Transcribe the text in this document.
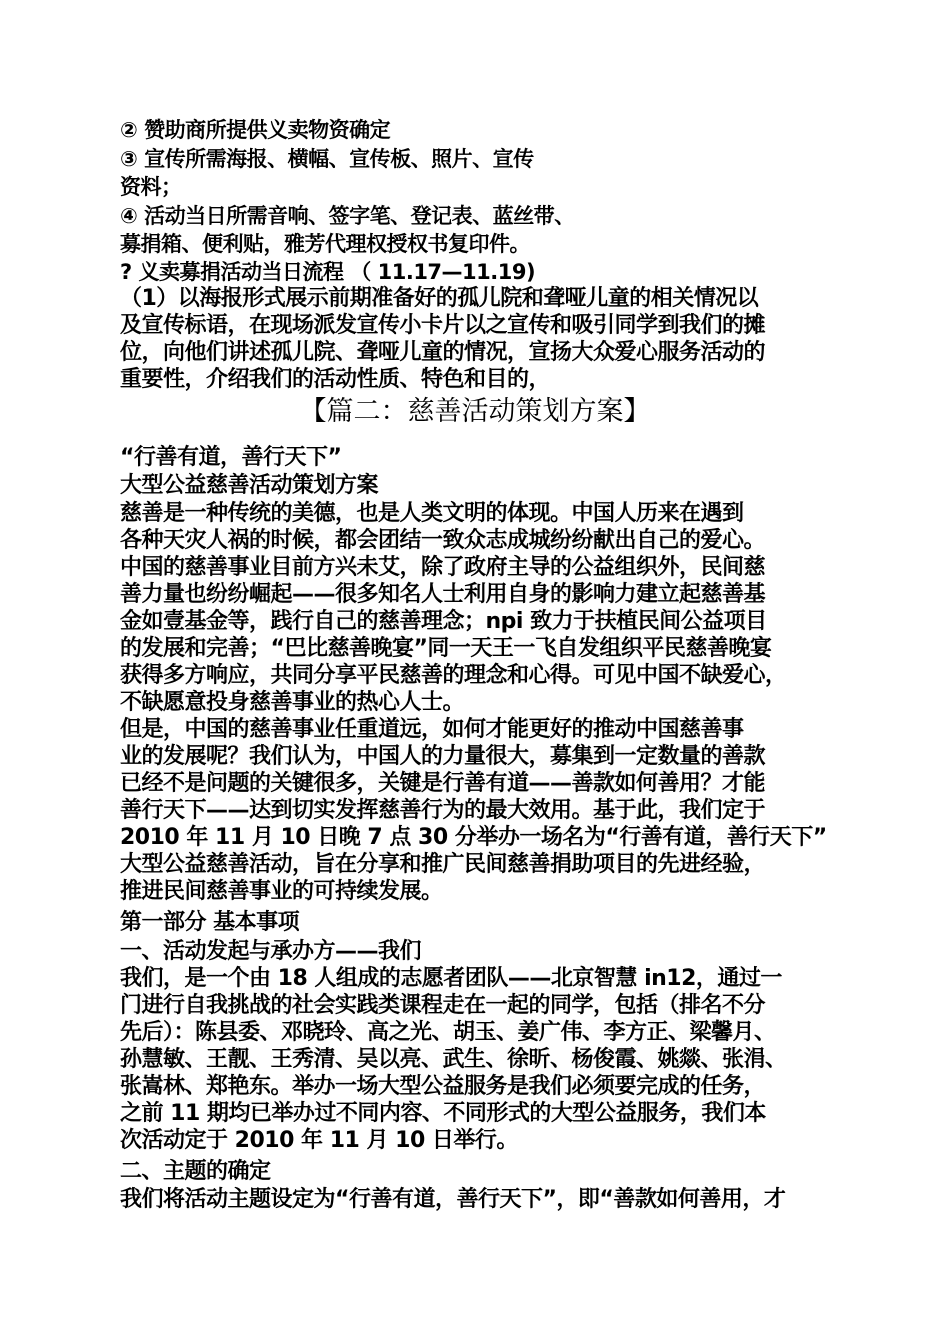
② 赞助商所提供义卖物资确定
③ 宣传所需海报、横幅、宣传板、照片、宣传
资料；
④ 活动当日所需音响、签字笔、登记表、蓝丝带、
募捐箱、便利贴，雅芳代理权授权书复印件。
? 义卖募捐活动当日流程 （ 11.17—11.19)
（1）以海报形式展示前期准备好的孤儿院和聋哑儿童的相关情况以
及宣传标语，在现场派发宣传小卡片以之宣传和吸引同学到我们的摊
位，向他们讲述孤儿院、聋哑儿童的情况，宣扬大众爱心服务活动的
重要性，介绍我们的活动性质、特色和目的，
【篇二：慈善活动策划方案】
“行善有道，善行天下”
大型公益慈善活动策划方案
慈善是一种传统的美德，也是人类文明的体现。中国人历来在遇到
各种天灾人祸的时候，都会团结一致众志成城纷纷献出自己的爱心。
中国的慈善事业目前方兴未艾，除了政府主导的公益组织外，民间慈
善力量也纷纷崛起——很多知名人士利用自身的影响力建立起慈善基
金如壹基金等，践行自己的慈善理念；npi 致力于扶植民间公益项目
的发展和完善；“巴比慈善晚宴”同一天王一飞自发组织平民慈善晚宴
获得多方响应，共同分享平民慈善的理念和心得。可见中国不缺爱心，
不缺愿意投身慈善事业的热心人士。
但是，中国的慈善事业任重道远，如何才能更好的推动中国慈善事
业的发展呢？我们认为，中国人的力量很大，募集到一定数量的善款
已经不是问题的关键很多，关键是行善有道——善款如何善用？才能
善行天下——达到切实发挥慈善行为的最大效用。基于此，我们定于
2010 年 11 月 10 日晚 7 点 30 分举办一场名为“行善有道，善行天下”
大型公益慈善活动，旨在分享和推广民间慈善捐助项目的先进经验，
推进民间慈善事业的可持续发展。
第一部分 基本事项
一、活动发起与承办方——我们
我们，是一个由 18 人组成的志愿者团队——北京智慧 in12，通过一
门进行自我挑战的社会实践类课程走在一起的同学，包括（排名不分
先后）：陈县委、邓晓玲、高之光、胡玉、姜广伟、李方正、梁馨月、
孙慧敏、王靓、王秀清、吴以亮、武生、徐昕、杨俊霞、姚燚、张涓、
张嵩林、郑艳东。举办一场大型公益服务是我们必须要完成的任务，
之前 11 期均已举办过不同内容、不同形式的大型公益服务，我们本
次活动定于 2010 年 11 月 10 日举行。
二、主题的确定
我们将活动主题设定为“行善有道，善行天下”，即“善款如何善用，才
